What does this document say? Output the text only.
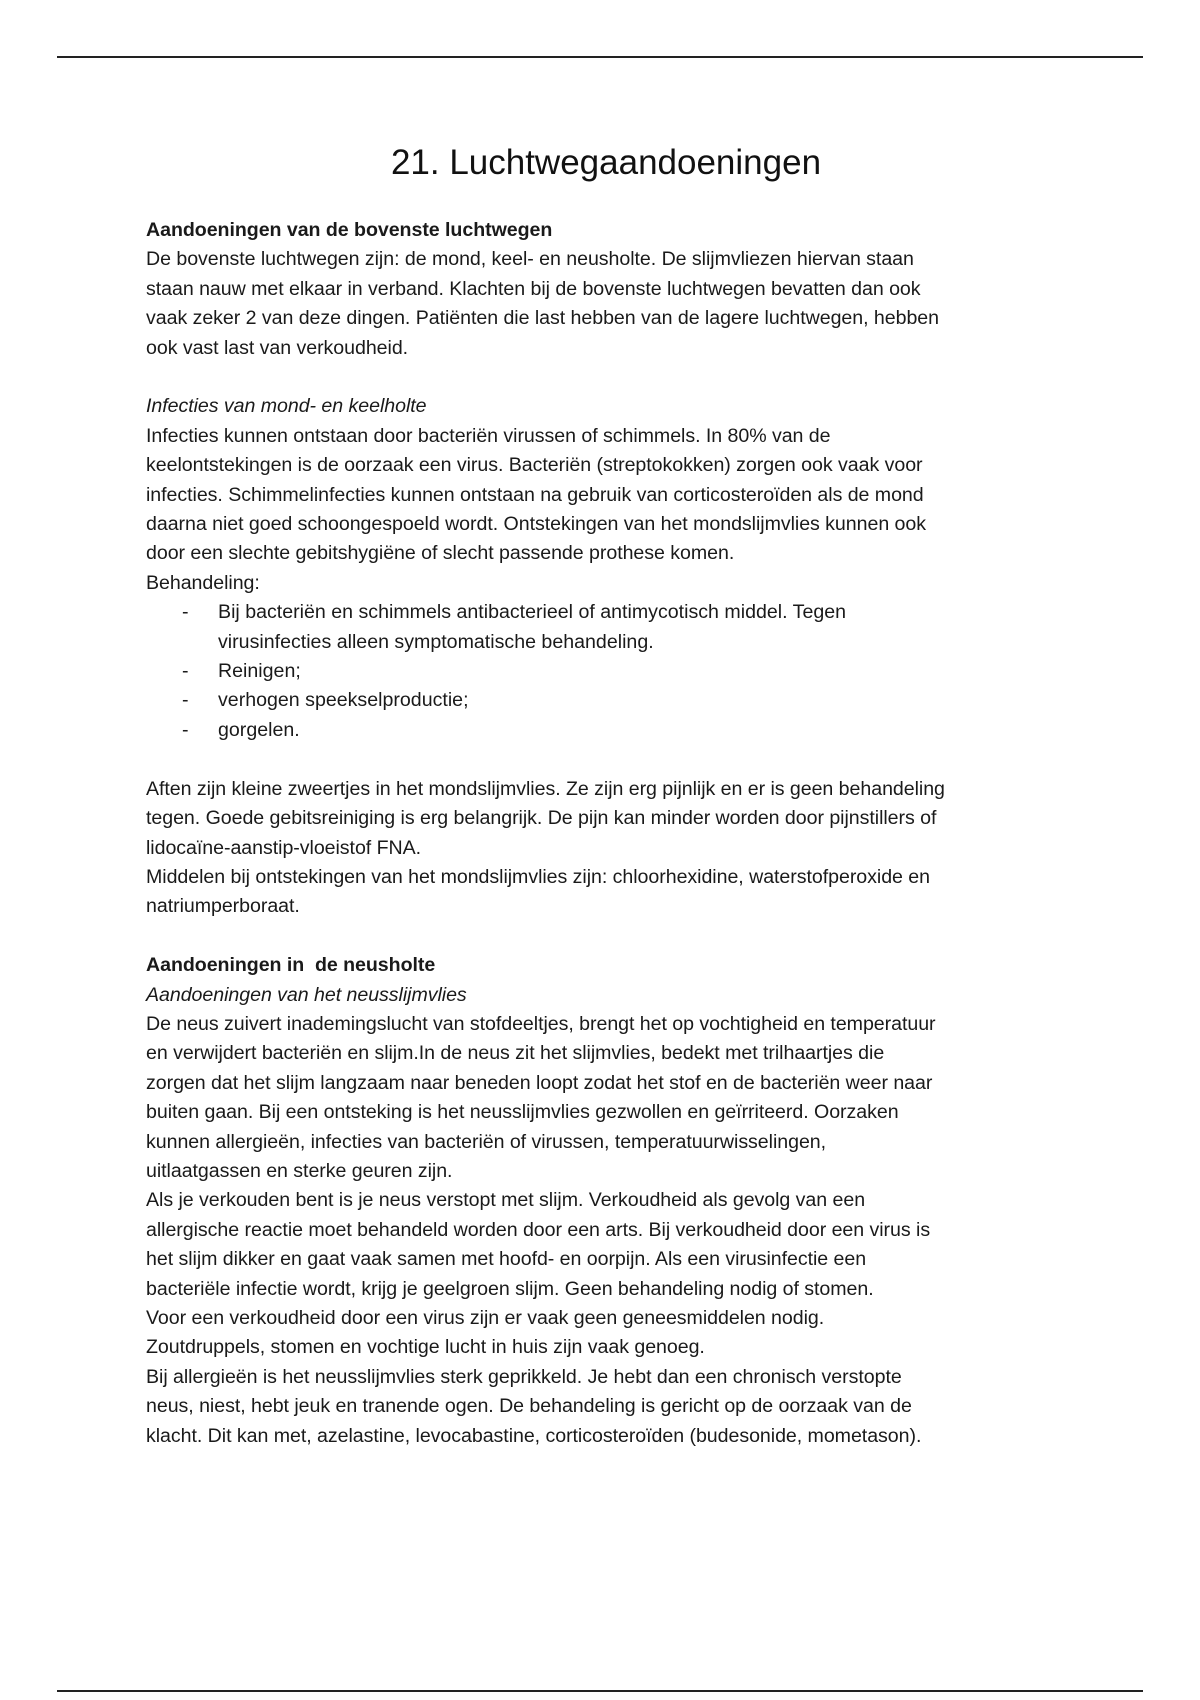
21. Luchtwegaandoeningen

Aandoeningen van de bovenste luchtwegen

De bovenste luchtwegen zijn: de mond, keel- en neusholte. De slijmvliezen hiervan staan

staan nauw met elkaar in verband. Klachten bij de bovenste luchtwegen bevatten dan ook

vaak zeker 2 van deze dingen. Patiënten die last hebben van de lagere luchtwegen, hebben

ook vast last van verkoudheid.

Infecties van mond- en keelholte

Infecties kunnen ontstaan door bacteriën virussen of schimmels. In 80% van de

keelontstekingen is de oorzaak een virus. Bacteriën (streptokokken) zorgen ook vaak voor

infecties. Schimmelinfecties kunnen ontstaan na gebruik van corticosteroïden als de mond

daarna niet goed schoongespoeld wordt. Ontstekingen van het mondslijmvlies kunnen ook

door een slechte gebitshygiëne of slecht passende prothese komen.

Behandeling:

- Bij bacteriën en schimmels antibacterieel of antimycotisch middel. Tegen
virusinfecties alleen symptomatische behandeling.
- Reinigen;
- verhogen speekselproductie;
- gorgelen.

Aften zijn kleine zweertjes in het mondslijmvlies. Ze zijn erg pijnlijk en er is geen behandeling

tegen. Goede gebitsreiniging is erg belangrijk. De pijn kan minder worden door pijnstillers of

lidocaïne-aanstip-vloeistof FNA.

Middelen bij ontstekingen van het mondslijmvlies zijn: chloorhexidine, waterstofperoxide en

natriumperboraat.

Aandoeningen in  de neusholte

Aandoeningen van het neusslijmvlies

De neus zuivert inademingslucht van stofdeeltjes, brengt het op vochtigheid en temperatuur

en verwijdert bacteriën en slijm.In de neus zit het slijmvlies, bedekt met trilhaartjes die

zorgen dat het slijm langzaam naar beneden loopt zodat het stof en de bacteriën weer naar

buiten gaan. Bij een ontsteking is het neusslijmvlies gezwollen en geïrriteerd. Oorzaken

kunnen allergieën, infecties van bacteriën of virussen, temperatuurwisselingen,

uitlaatgassen en sterke geuren zijn.

Als je verkouden bent is je neus verstopt met slijm. Verkoudheid als gevolg van een

allergische reactie moet behandeld worden door een arts. Bij verkoudheid door een virus is

het slijm dikker en gaat vaak samen met hoofd- en oorpijn. Als een virusinfectie een

bacteriële infectie wordt, krijg je geelgroen slijm. Geen behandeling nodig of stomen.

Voor een verkoudheid door een virus zijn er vaak geen geneesmiddelen nodig.

Zoutdruppels, stomen en vochtige lucht in huis zijn vaak genoeg.

Bij allergieën is het neusslijmvlies sterk geprikkeld. Je hebt dan een chronisch verstopte

neus, niest, hebt jeuk en tranende ogen. De behandeling is gericht op de oorzaak van de

klacht. Dit kan met, azelastine, levocabastine, corticosteroïden (budesonide, mometason).
